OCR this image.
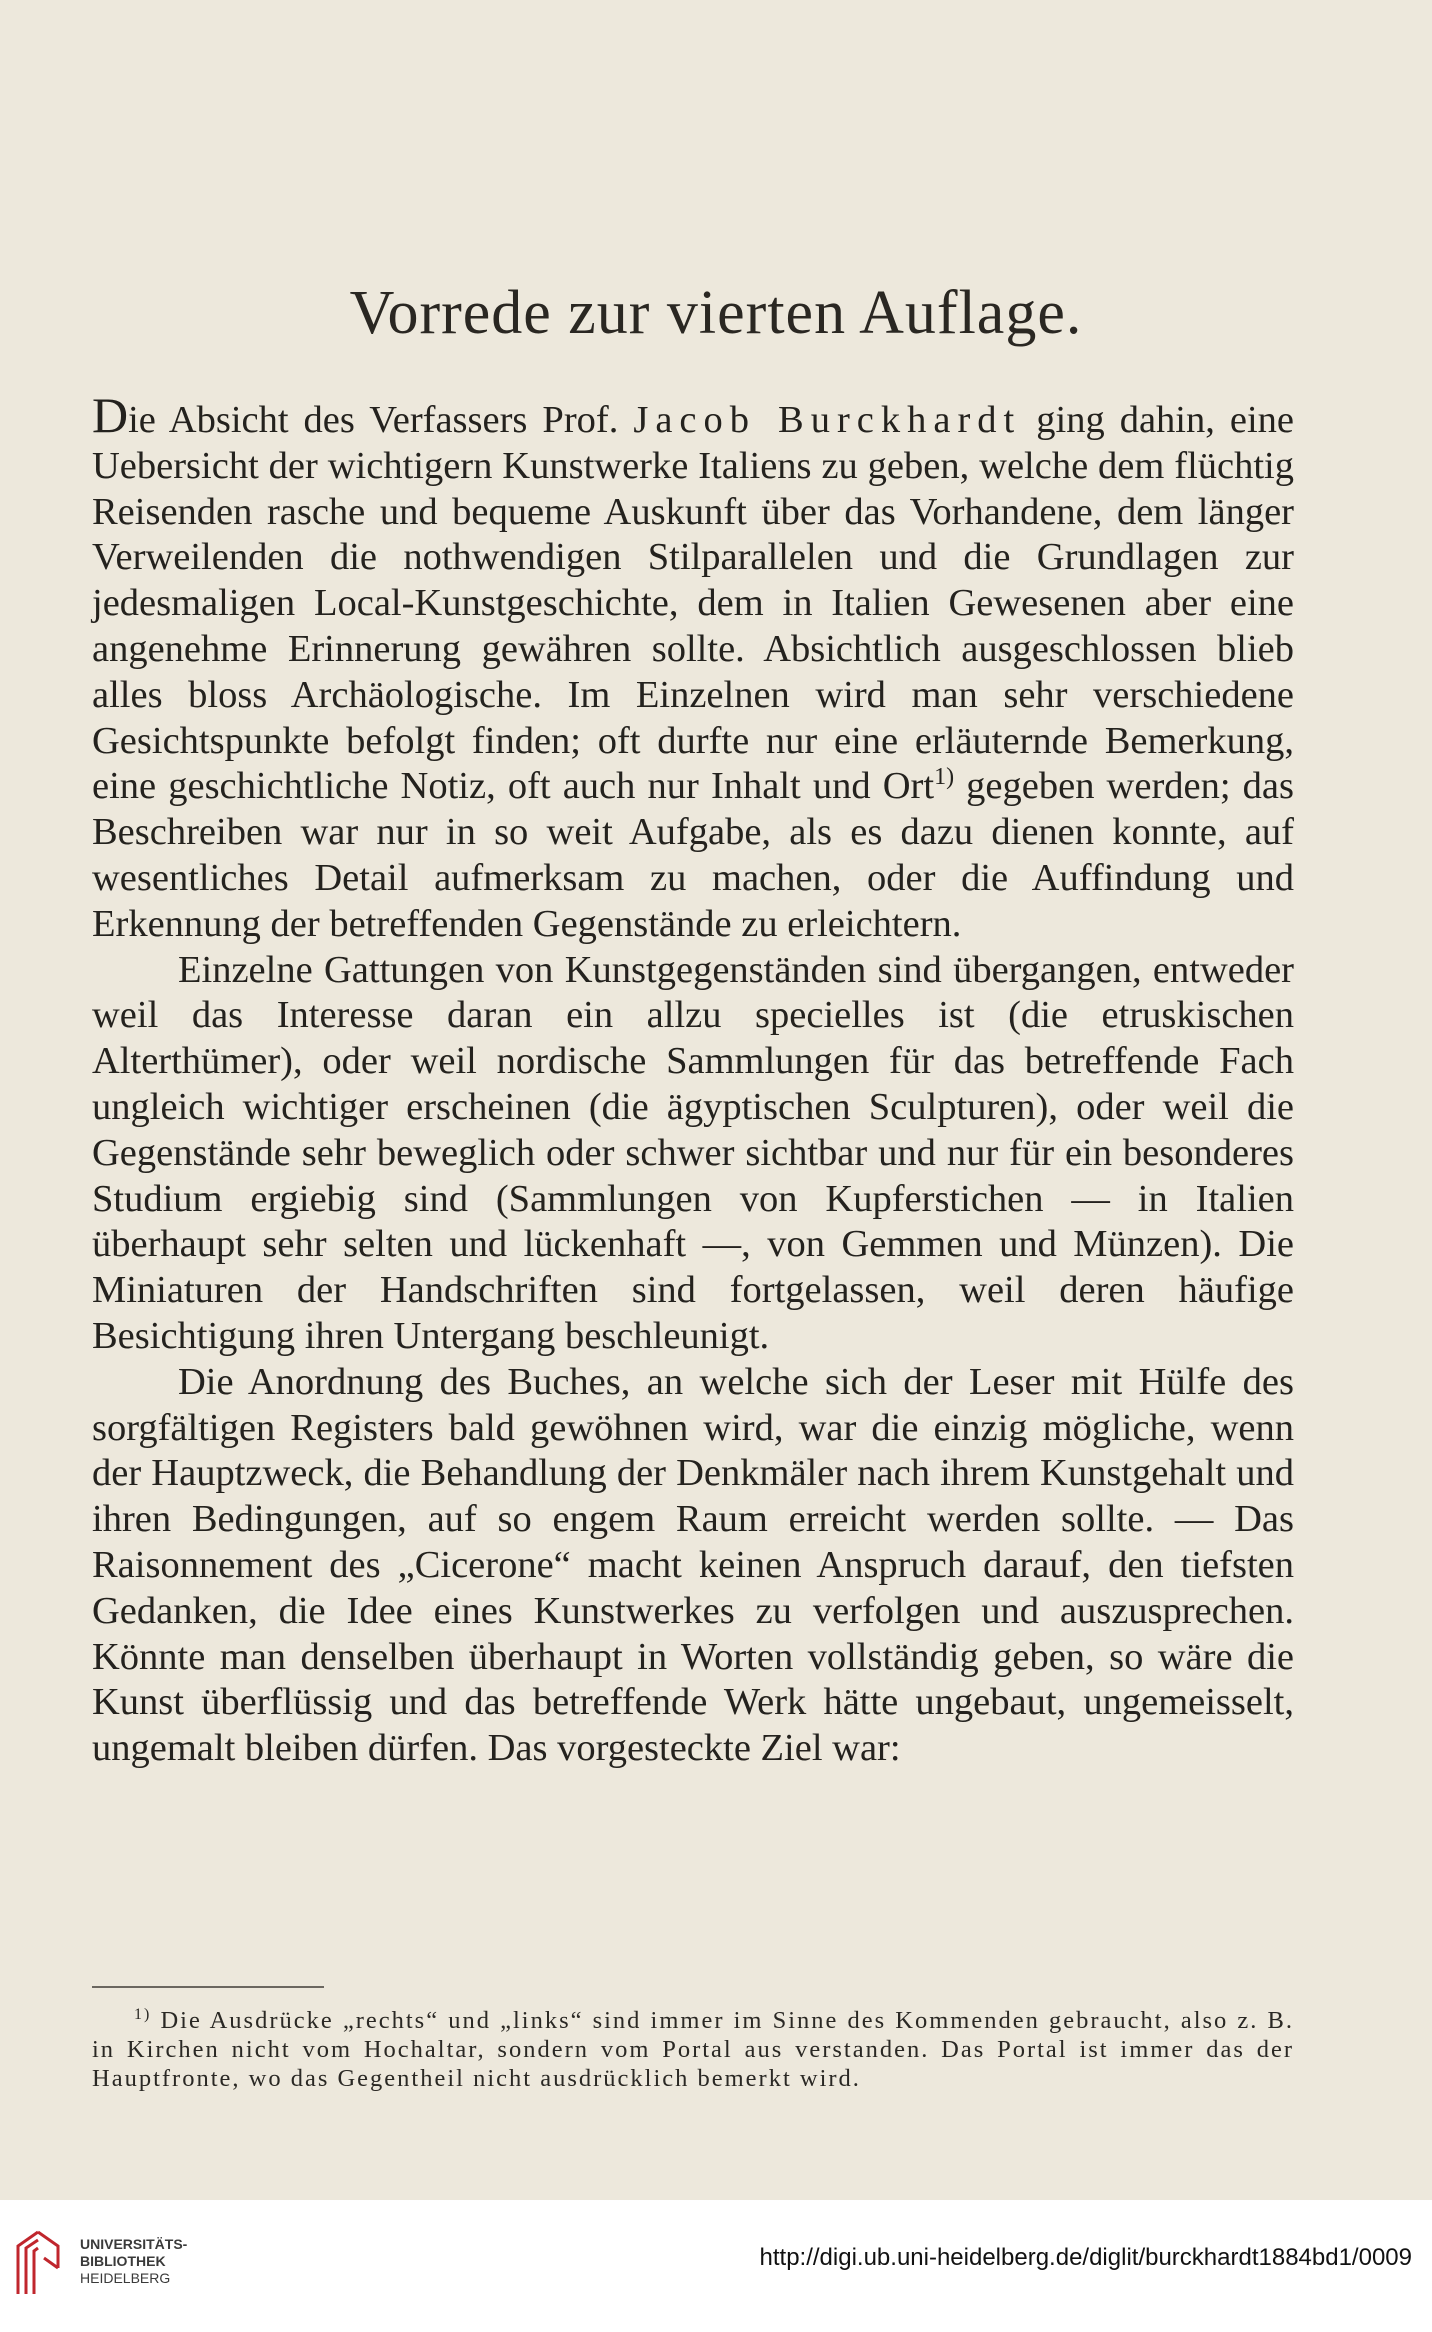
Vorrede zur vierten Auflage.

Die Absicht des Verfassers Prof. Jacob Burckhardt ging dahin, eine Uebersicht der wichtigern Kunstwerke Italiens zu geben, welche dem flüchtig Reisenden rasche und bequeme Auskunft über das Vorhandene, dem länger Verweilenden die nothwendigen Stilparallelen und die Grundlagen zur jedesmaligen Local-Kunstgeschichte, dem in Italien Gewesenen aber eine angenehme Erinnerung gewähren sollte. Absichtlich ausgeschlossen blieb alles bloss Archäologische. Im Einzelnen wird man sehr verschiedene Gesichtspunkte befolgt finden; oft durfte nur eine erläuternde Bemerkung, eine geschichtliche Notiz, oft auch nur Inhalt und Ort$^{1)}$ gegeben werden; das Beschreiben war nur in so weit Aufgabe, als es dazu dienen konnte, auf wesentliches Detail aufmerksam zu machen, oder die Auffindung und Erkennung der betreffenden Gegenstände zu erleichtern.

Einzelne Gattungen von Kunstgegenständen sind übergangen, entweder weil das Interesse daran ein allzu specielles ist (die etruskischen Alterthümer), oder weil nordische Sammlungen für das betreffende Fach ungleich wichtiger erscheinen (die ägyptischen Sculpturen), oder weil die Gegenstände sehr beweglich oder schwer sichtbar und nur für ein besonderes Studium ergiebig sind (Sammlungen von Kupferstichen — in Italien überhaupt sehr selten und lückenhaft —, von Gemmen und Münzen). Die Miniaturen der Handschriften sind fortgelassen, weil deren häufige Besichtigung ihren Untergang beschleunigt.

Die Anordnung des Buches, an welche sich der Leser mit Hülfe des sorgfältigen Registers bald gewöhnen wird, war die einzig mögliche, wenn der Hauptzweck, die Behandlung der Denkmäler nach ihrem Kunstgehalt und ihren Bedingungen, auf so engem Raum erreicht werden sollte. — Das Raisonnement des „Cicerone“ macht keinen Anspruch darauf, den tiefsten Gedanken, die Idee eines Kunstwerkes zu verfolgen und auszusprechen. Könnte man denselben überhaupt in Worten vollständig geben, so wäre die Kunst überflüssig und das betreffende Werk hätte ungebaut, ungemeisselt, ungemalt bleiben dürfen. Das vorgesteckte Ziel war:

$^{1)}$ Die Ausdrücke „rechts“ und „links“ sind immer im Sinne des Kommenden gebraucht, also z. B. in Kirchen nicht vom Hochaltar, sondern vom Portal aus verstanden. Das Portal ist immer das der Hauptfronte, wo das Gegentheil nicht ausdrücklich bemerkt wird.

UNIVERSITÄTS-
BIBLIOTHEK
HEIDELBERG
http://digi.ub.uni-heidelberg.de/diglit/burckhardt1884bd1/0009
